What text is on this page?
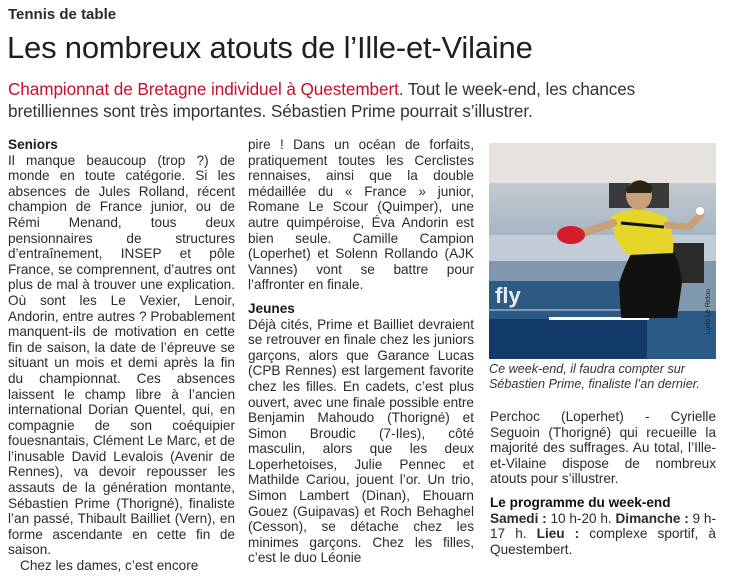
Tennis de table
Les nombreux atouts de l’Ille-et-Vilaine
Championnat de Bretagne individuel à Questembert. Tout le week-end, les chances bretilliennes sont très importantes. Sébastien Prime pourrait s’illustrer.

Seniors

Il manque beaucoup (trop ?) de monde en toute catégorie. Si les absences de Jules Rolland, récent champion de France junior, ou de Rémi Menand, tous deux pensionnaires de structures d’entraînement, INSEP et pôle France, se comprennent, d’autres ont plus de mal à trouver une explication. Où sont les Le Vexier, Lenoir, Andorin, entre autres ? Probablement manquent-ils de motivation en cette fin de saison, la date de l’épreuve se situant un mois et demi après la fin du championnat. Ces absences laissent le champ libre à l’ancien international Dorian Quentel, qui, en compagnie de son coéquipier fouesnantais, Clément Le Marc, et de l’inusable David Levalois (Avenir de Rennes), va devoir repousser les assauts de la génération montante, Sébastien Prime (Thorigné), finaliste l’an passé, Thibault Bailliet (Vern), en forme ascendante en cette fin de saison.

Chez les dames, c’est encore

pire ! Dans un océan de forfaits, pratiquement toutes les Cerclistes rennaises, ainsi que la double médaillée du « France » junior, Romane Le Scour (Quimper), une autre quimpéroise, Éva Andorin est bien seule. Camille Campion (Loperhet) et Solenn Rollando (AJK Vannes) vont se battre pour l’affronter en finale.

Jeunes

Déjà cités, Prime et Bailliet devraient se retrouver en finale chez les juniors garçons, alors que Garance Lucas (CPB Rennes) est largement favorite chez les filles. En cadets, c’est plus ouvert, avec une finale possible entre Benjamin Mahoudo (Thorigné) et Simon Broudic (7-Iles), côté masculin, alors que les deux Loperhetoises, Julie Pennec et Mathilde Cariou, jouent l’or. Un trio, Simon Lambert (Dinan), Ehouarn Gouez (Guipavas) et Roch Behaghel (Cesson), se détache chez les minimes garçons. Chez les filles, c’est le duo Léonie

fly	Ludo Le Ridou
Ce week-end, il faudra compter sur Sébastien Prime, finaliste l’an dernier.

Perchoc (Loperhet) - Cyrielle Seguoin (Thorigné) qui recueille la majorité des suffrages. Au total, l’Ille-et-Vilaine dispose de nombreux atouts pour s’illustrer.

Le programme du week-end

Samedi : 10 h-20 h. Dimanche : 9 h-17 h. Lieu : complexe sportif, à Questembert.
